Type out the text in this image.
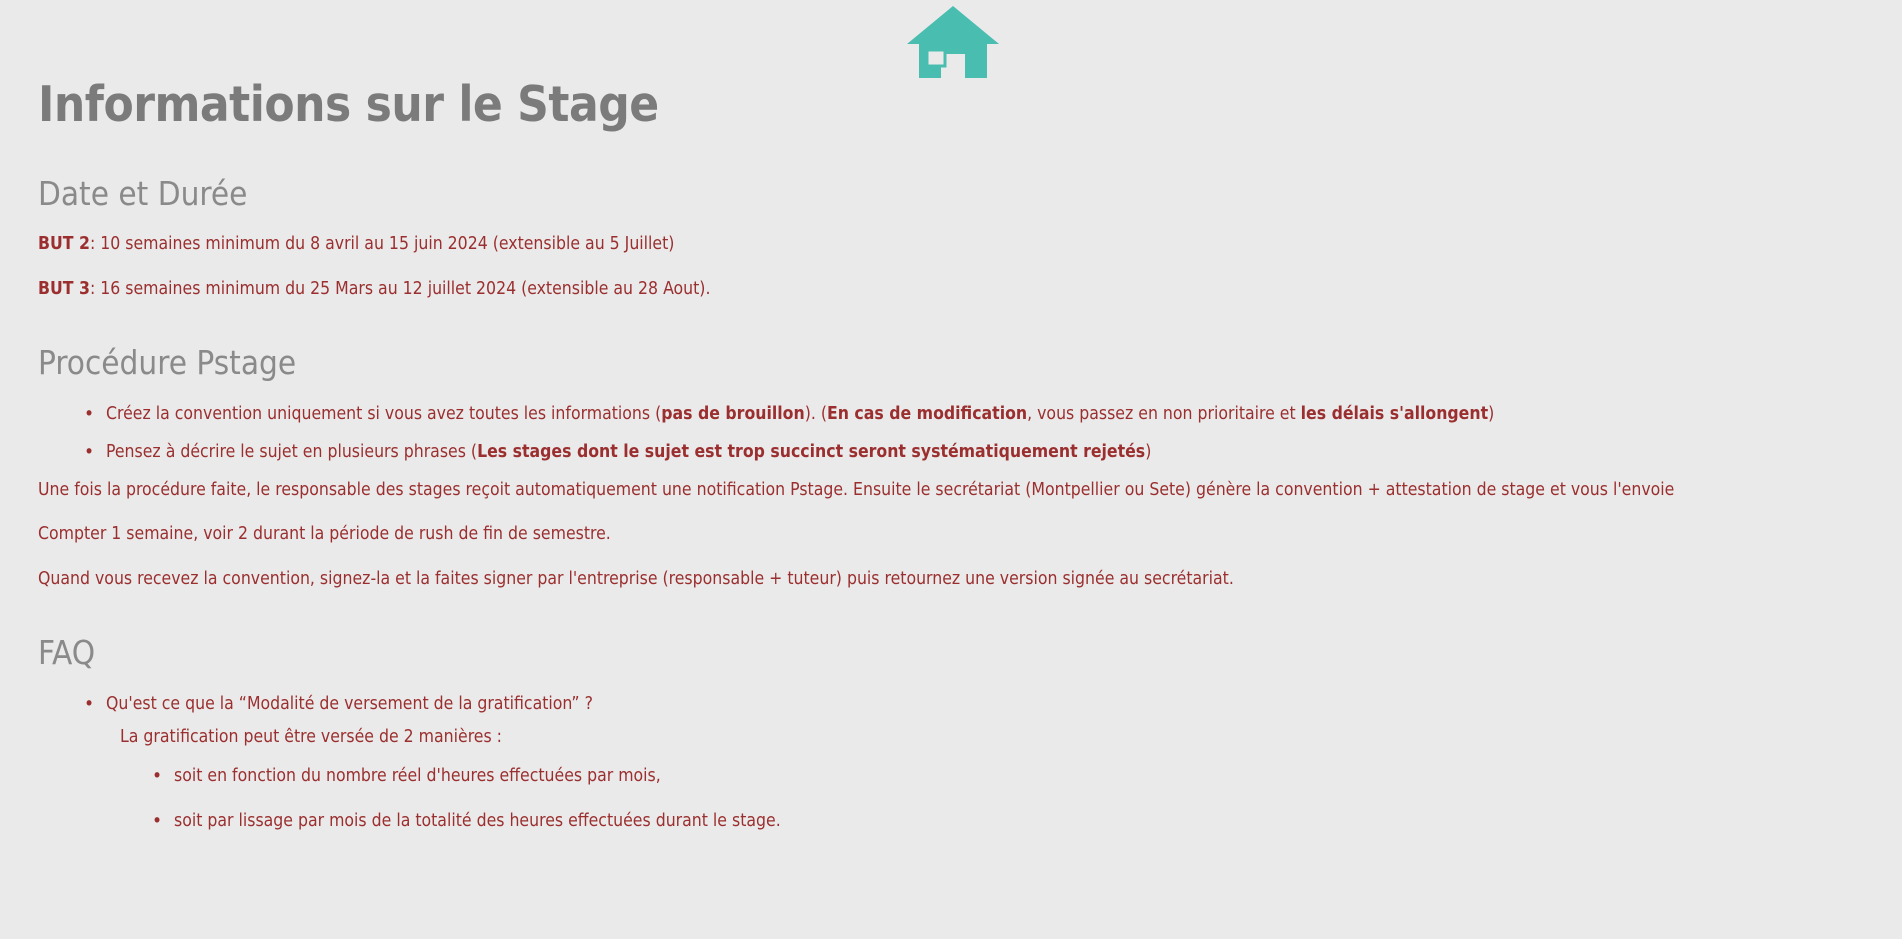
Informations sur le Stage
Date et Durée

BUT 2: 10 semaines minimum du 8 avril au 15 juin 2024 (extensible au 5 Juillet)

BUT 3: 16 semaines minimum du 25 Mars au 12 juillet 2024 (extensible au 28 Aout).

Procédure Pstage
• Créez la convention uniquement si vous avez toutes les informations (pas de brouillon). (En cas de modification, vous passez en non prioritaire et les délais s'allongent)
• Pensez à décrire le sujet en plusieurs phrases (Les stages dont le sujet est trop succinct seront systématiquement rejetés)

Une fois la procédure faite, le responsable des stages reçoit automatiquement une notification Pstage. Ensuite le secrétariat (Montpellier ou Sete) génère la convention + attestation de stage et vous l'envoie

Compter 1 semaine, voir 2 durant la période de rush de fin de semestre.

Quand vous recevez la convention, signez-la et la faites signer par l'entreprise (responsable + tuteur) puis retournez une version signée au secrétariat.

FAQ
• Qu'est ce que la “Modalité de versement de la gratification” ?
La gratification peut être versée de 2 manières :
• soit en fonction du nombre réel d'heures effectuées par mois,
• soit par lissage par mois de la totalité des heures effectuées durant le stage.
